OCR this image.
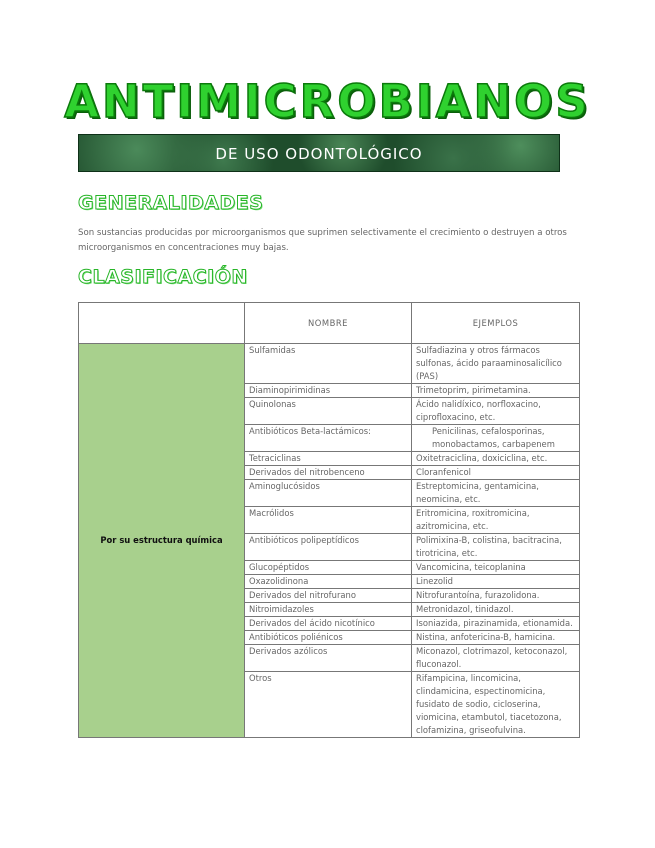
ANTIMICROBIANOS
DE USO ODONTOLÓGICO
GENERALIDADES
Son sustancias producidas por microorganismos que suprimen selectivamente el crecimiento o destruyen a otros microorganismos en concentraciones muy bajas.
CLASIFICACIÓN
	NOMBRE	EJEMPLOS
Por su estructura química	Sulfamidas	Sulfadiazina y otros fármacos sulfonas, ácido paraaminosalicílico (PAS)
	Diaminopirimidinas	Trimetoprim, pirimetamina.
	Quinolonas	Ácido nalidíxico, norfloxacino, ciprofloxacino, etc.
	Antibióticos Beta-lactámicos:	Penicilinas, cefalosporinas, monobactamos, carbapenem
	Tetraciclinas	Oxitetraciclina, doxiciclina, etc.
	Derivados del nitrobenceno	Cloranfenicol
	Aminoglucósidos	Estreptomicina, gentamicina, neomicina, etc.
	Macrólidos	Eritromicina, roxitromicina, azitromicina, etc.
	Antibióticos polipeptídicos	Polimixina-B, colistina, bacitracina, tirotricina, etc.
	Glucopéptidos	Vancomicina, teicoplanina
	Oxazolidinona	Linezolid
	Derivados del nitrofurano	Nitrofurantoína, furazolidona.
	Nitroimidazoles	Metronidazol, tinidazol.
	Derivados del ácido nicotínico	Isoniazida, pirazinamida, etionamida.
	Antibióticos poliénicos	Nistina, anfotericina-B, hamicina.
	Derivados azólicos	Miconazol, clotrimazol, ketoconazol, fluconazol.
	Otros	Rifampicina, lincomicina, clindamicina, espectinomicina, fusidato de sodio, cicloserina, viomicina, etambutol, tiacetozona, clofamizina, griseofulvina.
